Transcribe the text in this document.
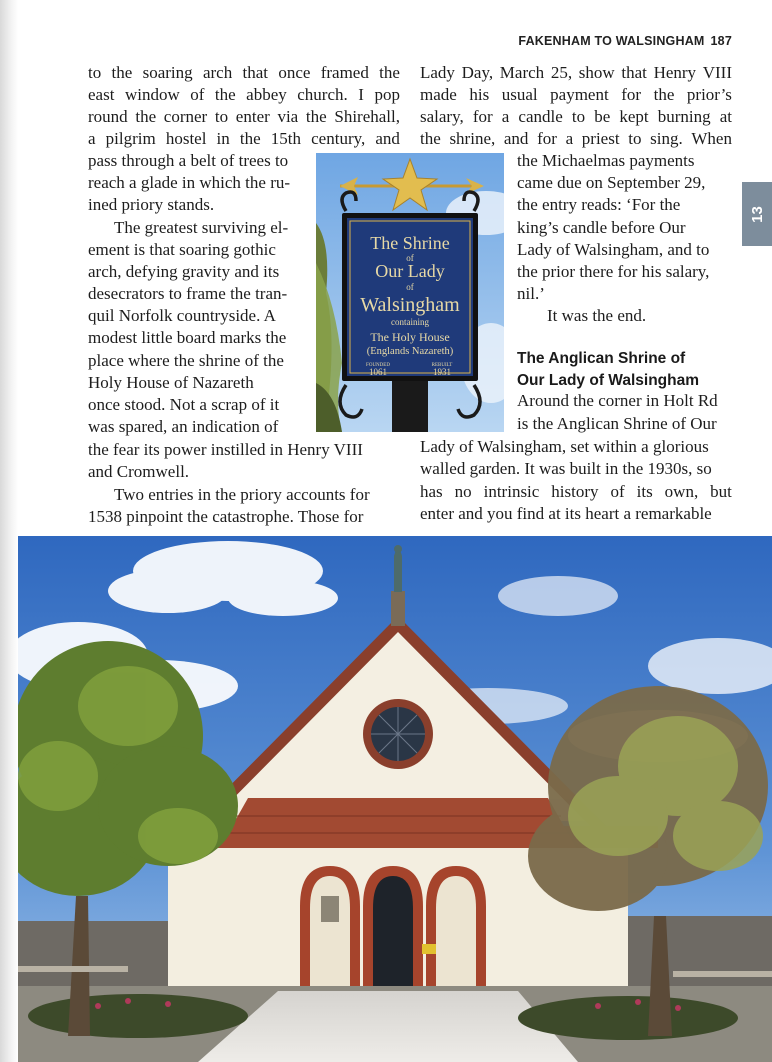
FAKENHAM TO WALSINGHAM 187
13
to the soaring arch that once framed the
east window of the abbey church. I pop
round the corner to enter via the Shirehall,
a pilgrim hostel in the 15th century, and
pass through a belt of trees to
reach a glade in which the ru-
ined priory stands.
The greatest surviving el-
ement is that soaring gothic
arch, defying gravity and its
desecrators to frame the tran-
quil Norfolk countryside. A
modest little board marks the
place where the shrine of the
Holy House of Nazareth
once stood. Not a scrap of it
was spared, an indication of
the fear its power instilled in Henry VIII
and Cromwell.
Two entries in the priory accounts for
1538 pinpoint the catastrophe. Those for
Lady Day, March 25, show that Henry VIII
made his usual payment for the prior’s
salary, for a candle to be kept burning at
the shrine, and for a priest to sing. When
the Michaelmas payments
came due on September 29,
the entry reads: ‘For the
king’s candle before Our
Lady of Walsingham, and to
the prior there for his salary,
nil.’
It was the end.
The Anglican Shrine of
Our Lady of Walsingham
Around the corner in Holt Rd
is the Anglican Shrine of Our
Lady of Walsingham, set within a glorious
walled garden. It was built in the 1930s, so
has no intrinsic history of its own, but
enter and you find at its heart a remarkable
The Shrine
of
Our Lady
of
Walsingham
containing
The Holy House
(Englands Nazareth)
FOUNDED	REBUILT
1061	1931
